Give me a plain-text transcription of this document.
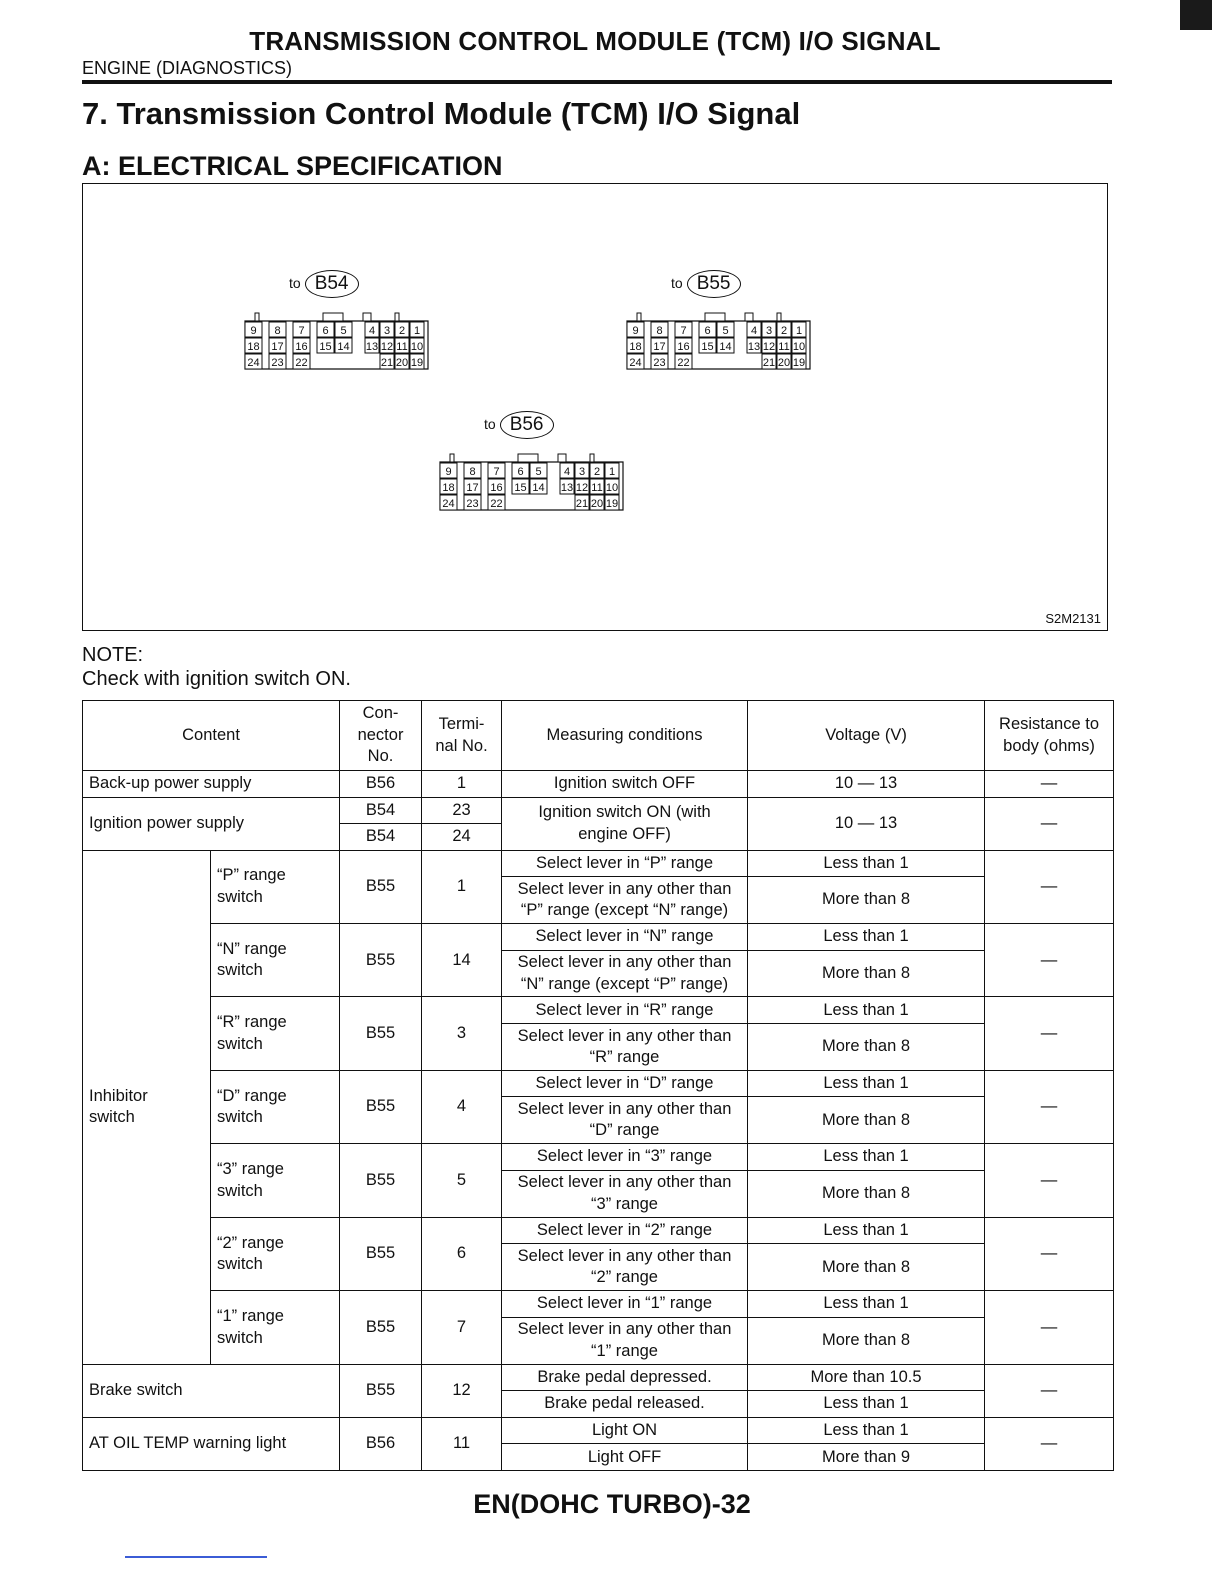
TRANSMISSION CONTROL MODULE (TCM) I/O SIGNAL
ENGINE (DIAGNOSTICS)
7. Transmission Control Module (TCM) I/O Signal
A: ELECTRICAL SPECIFICATION
to B54
9 8 7 6 5 4 3 2 1
18 17 16 15 14 13 12 11 10
24 23 22	21 20 19
to B55
9 8 7 6 5 4 3 2 1
18 17 16 15 14 13 12 11 10
24 23 22	21 20 19
to B56
9 8 7 6 5 4 3 2 1
18 17 16 15 14 13 12 11 10
24 23 22	21 20 19
S2M2131
NOTE:
Check with ignition switch ON.
Content		Con-
nector
No.	Termi-
nal No.	Measuring conditions	Voltage (V)	Resistance to
body (ohms)
Back-up power supply		B56	1	Ignition switch OFF	10 — 13	—
Ignition power supply		B54	23	Ignition switch ON (with
engine OFF)	10 — 13	—
		B54	24			
Inhibitor
switch	“P” range
switch	B55	1	Select lever in “P” range	Less than 1	—
				Select lever in any other than
“P” range (except “N” range)	More than 8	
	“N” range
switch	B55	14	Select lever in “N” range	Less than 1	—
				Select lever in any other than
“N” range (except “P” range)	More than 8	
	“R” range
switch	B55	3	Select lever in “R” range	Less than 1	—
				Select lever in any other than
“R” range	More than 8	
	“D” range
switch	B55	4	Select lever in “D” range	Less than 1	—
				Select lever in any other than
“D” range	More than 8	
	“3” range
switch	B55	5	Select lever in “3” range	Less than 1	—
				Select lever in any other than
“3” range	More than 8	
	“2” range
switch	B55	6	Select lever in “2” range	Less than 1	—
				Select lever in any other than
“2” range	More than 8	
	“1” range
switch	B55	7	Select lever in “1” range	Less than 1	—
				Select lever in any other than
“1” range	More than 8	
Brake switch		B55	12	Brake pedal depressed.	More than 10.5	—
				Brake pedal released.	Less than 1	
AT OIL TEMP warning light		B56	11	Light ON	Less than 1	—
				Light OFF	More than 9	
EN(DOHC TURBO)-32
